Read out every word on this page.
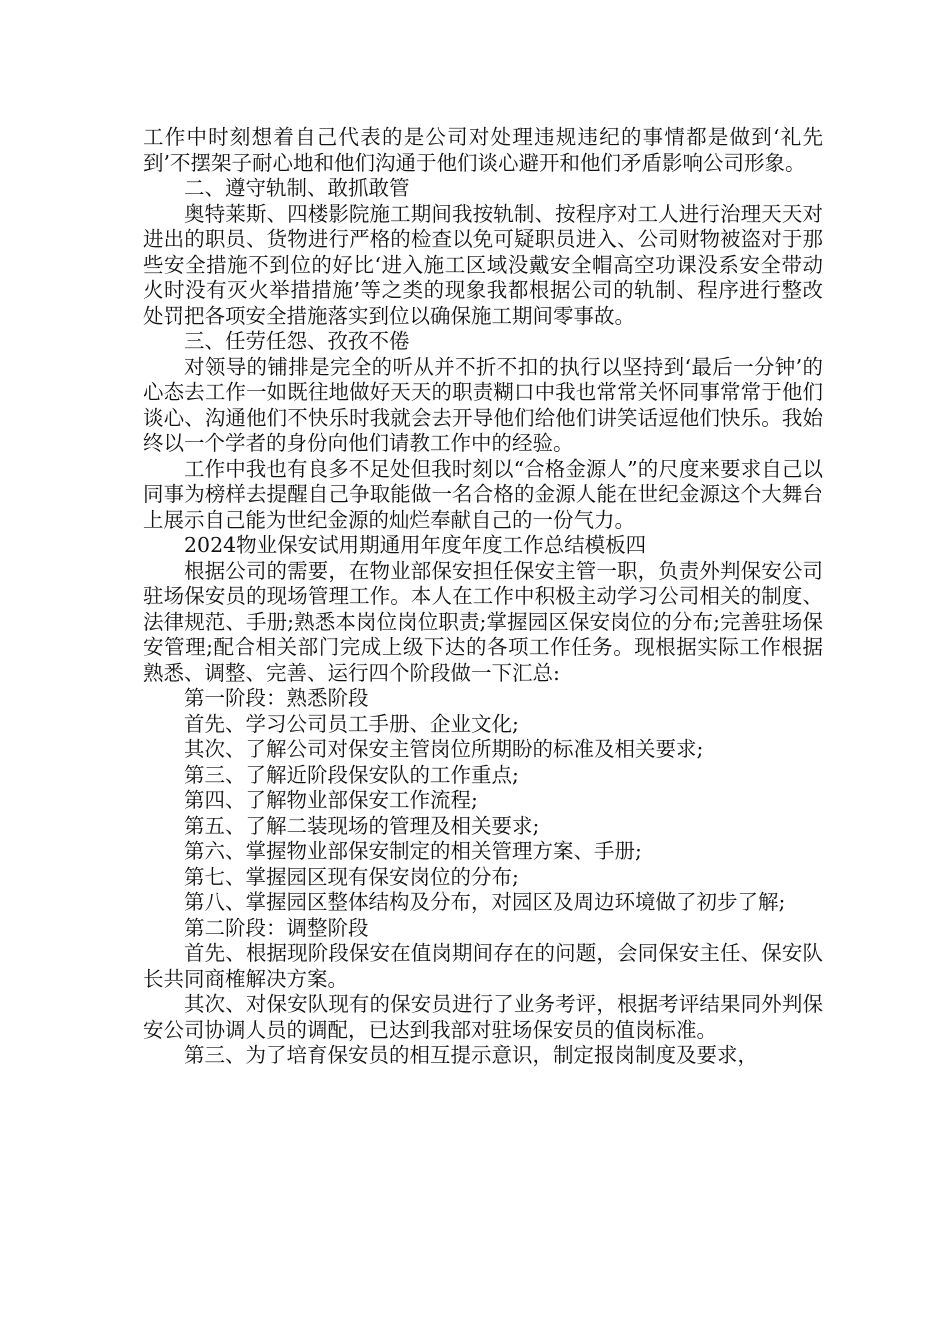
工作中时刻想着自己代表的是公司对处理违规违纪的事情都是做到‘礼先到’不摆架子耐心地和他们沟通于他们谈心避开和他们矛盾影响公司形象。

二、遵守轨制、敢抓敢管

奥特莱斯、四楼影院施工期间我按轨制、按程序对工人进行治理天天对进出的职员、货物进行严格的检查以免可疑职员进入、公司财物被盗对于那些安全措施不到位的好比‘进入施工区域没戴安全帽高空功课没系安全带动火时没有灭火举措措施’等之类的现象我都根据公司的轨制、程序进行整改处罚把各项安全措施落实到位以确保施工期间零事故。

三、任劳任怨、孜孜不倦

对领导的铺排是完全的听从并不折不扣的执行以坚持到‘最后一分钟’的心态去工作一如既往地做好天天的职责糊口中我也常常关怀同事常常于他们谈心、沟通他们不快乐时我就会去开导他们给他们讲笑话逗他们快乐。我始终以一个学者的身份向他们请教工作中的经验。

工作中我也有良多不足处但我时刻以“合格金源人”的尺度来要求自己以同事为榜样去提醒自己争取能做一名合格的金源人能在世纪金源这个大舞台上展示自己能为世纪金源的灿烂奉献自己的一份气力。

2024物业保安试用期通用年度年度工作总结模板四

根据公司的需要，在物业部保安担任保安主管一职，负责外判保安公司驻场保安员的现场管理工作。本人在工作中积极主动学习公司相关的制度、法律规范、手册;熟悉本岗位岗位职责;掌握园区保安岗位的分布;完善驻场保安管理;配合相关部门完成上级下达的各项工作任务。现根据实际工作根据熟悉、调整、完善、运行四个阶段做一下汇总:

第一阶段：熟悉阶段

首先、学习公司员工手册、企业文化;

其次、了解公司对保安主管岗位所期盼的标准及相关要求;

第三、了解近阶段保安队的工作重点;

第四、了解物业部保安工作流程;

第五、了解二装现场的管理及相关要求;

第六、掌握物业部保安制定的相关管理方案、手册;

第七、掌握园区现有保安岗位的分布;

第八、掌握园区整体结构及分布，对园区及周边环境做了初步了解;

第二阶段：调整阶段

首先、根据现阶段保安在值岗期间存在的问题，会同保安主任、保安队长共同商榷解决方案。

其次、对保安队现有的保安员进行了业务考评，根据考评结果同外判保安公司协调人员的调配，已达到我部对驻场保安员的值岗标准。

第三、为了培育保安员的相互提示意识，制定报岗制度及要求，
